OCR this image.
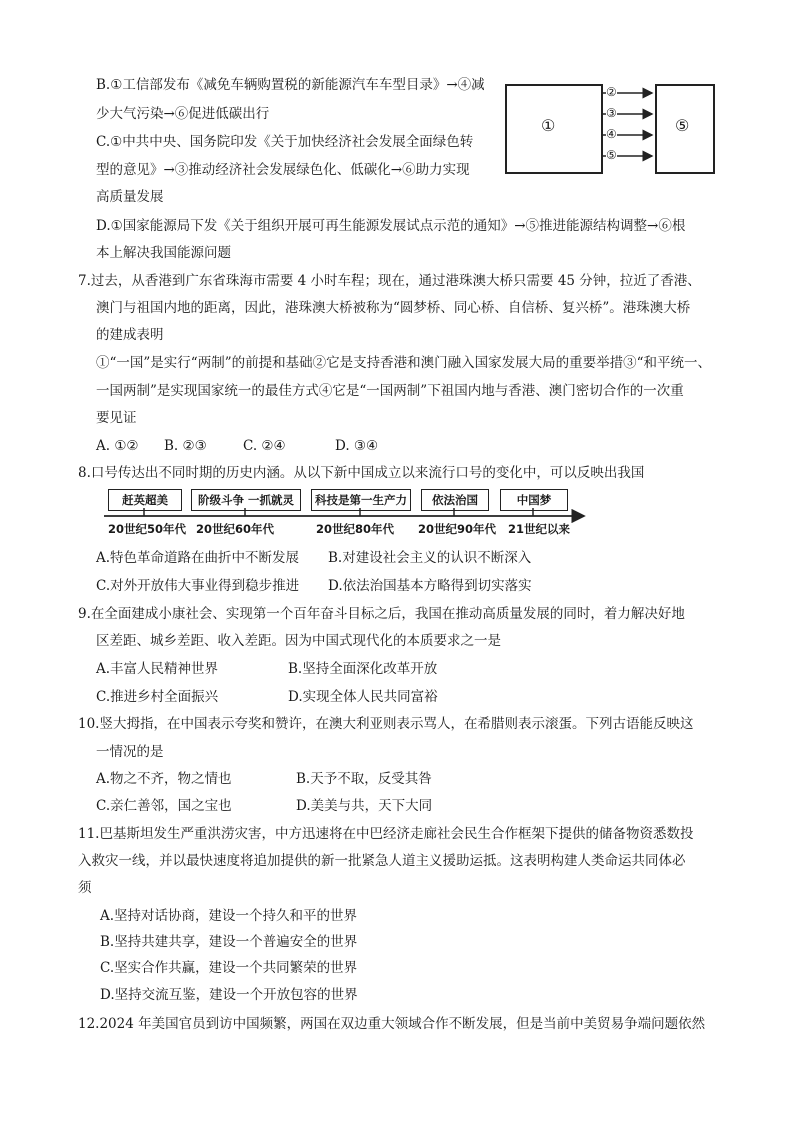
B.①工信部发布《减免车辆购置税的新能源汽车车型目录》→④减
少大气污染→⑥促进低碳出行
C.①中共中央、国务院印发《关于加快经济社会发展全面绿色转
型的意见》→③推动经济社会发展绿色化、低碳化→⑥助力实现
高质量发展
D.①国家能源局下发《关于组织开展可再生能源发展试点示范的通知》→⑤推进能源结构调整→⑥根
本上解决我国能源问题
①	⑤
②
③
④
⑤
7.过去，从香港到广东省珠海市需要 4 小时车程；现在，通过港珠澳大桥只需要 45 分钟，拉近了香港、
澳门与祖国内地的距离，因此，港珠澳大桥被称为“圆梦桥、同心桥、自信桥、复兴桥”。港珠澳大桥
的建成表明
①“一国”是实行“两制”的前提和基础②它是支持香港和澳门融入国家发展大局的重要举措③“和平统一、
一国两制”是实现国家统一的最佳方式④它是“一国两制”下祖国内地与香港、澳门密切合作的一次重
要见证
A. ①② B. ②③	C. ②④	D. ③④
8.口号传达出不同时期的历史内涵。从以下新中国成立以来流行口号的变化中，可以反映出我国
赶英超美	阶级斗争 一抓就灵	科技是第一生产力	依法治国	中国梦
20世纪50年代 20世纪60年代	20世纪80年代 20世纪90年代 21世纪以来
A.特色革命道路在曲折中不断发展 B.对建设社会主义的认识不断深入
C.对外开放伟大事业得到稳步推进 D.依法治国基本方略得到切实落实
9.在全面建成小康社会、实现第一个百年奋斗目标之后，我国在推动高质量发展的同时，着力解决好地
区差距、城乡差距、收入差距。因为中国式现代化的本质要求之一是
A.丰富人民精神世界	B.坚持全面深化改革开放
C.推进乡村全面振兴	D.实现全体人民共同富裕
10.竖大拇指，在中国表示夸奖和赞许，在澳大利亚则表示骂人，在希腊则表示滚蛋。下列古语能反映这
一情况的是
A.物之不齐，物之情也	B.天予不取，反受其咎
C.亲仁善邻，国之宝也	D.美美与共，天下大同
11.巴基斯坦发生严重洪涝灾害，中方迅速将在中巴经济走廊社会民生合作框架下提供的储备物资悉数投
入救灾一线，并以最快速度将追加提供的新一批紧急人道主义援助运抵。这表明构建人类命运共同体必
须
A.坚持对话协商，建设一个持久和平的世界
B.坚持共建共享，建设一个普遍安全的世界
C.坚实合作共赢，建设一个共同繁荣的世界
D.坚持交流互鉴，建设一个开放包容的世界
12.2024 年美国官员到访中国频繁，两国在双边重大领域合作不断发展，但是当前中美贸易争端问题依然
